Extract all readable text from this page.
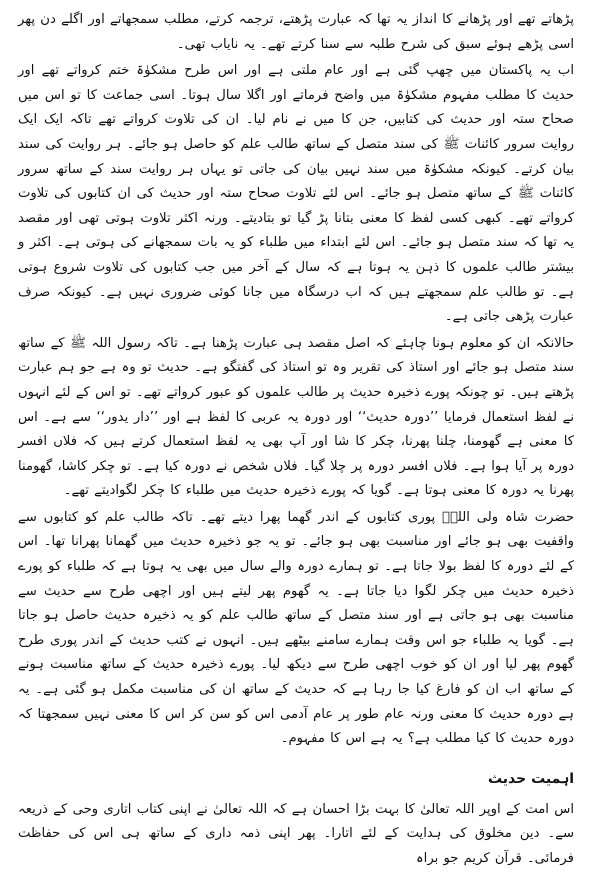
پڑھاتے تھے اور پڑھانے کا انداز یہ تھا کہ عبارت پڑھتے، ترجمہ کرتے، مطلب سمجھاتے اور اگلے دن پھر اسی پڑھے ہوئے سبق کی شرح طلبہ سے سنا کرتے تھے۔ یہ نایاب تھی۔

اب یہ پاکستان میں چھپ گئی ہے اور عام ملتی ہے اور اس طرح مشکوٰۃ ختم کرواتے تھے اور حدیث کا مطلب مفہوم مشکوٰۃ میں واضح فرماتے اور اگلا سال ہوتا۔ اسی جماعت کا تو اس میں صحاح ستہ اور حدیث کی کتابیں، جن کا میں نے نام لیا۔ ان کی تلاوت کرواتے تھے تاکہ ایک ایک روایت سرور کائنات ﷺ کی سند متصل کے ساتھ طالب علم کو حاصل ہو جائے۔ ہر روایت کی سند بیان کرتے۔ کیونکہ مشکوٰۃ میں سند نہیں بیان کی جاتی تو یہاں ہر روایت سند کے ساتھ سرور کائنات ﷺ کے ساتھ متصل ہو جائے۔ اس لئے تلاوت صحاح ستہ اور حدیث کی ان کتابوں کی تلاوت کرواتے تھے۔ کبھی کسی لفظ کا معنی بتانا پڑ گیا تو بتادیتے۔ ورنہ اکثر تلاوت ہوتی تھی اور مقصد یہ تھا کہ سند متصل ہو جائے۔ اس لئے ابتداء میں طلباء کو یہ بات سمجھانے کی ہوتی ہے۔ اکثر و بیشتر طالب علموں کا ذہن یہ ہوتا ہے کہ سال کے آخر میں جب کتابوں کی تلاوت شروع ہوتی ہے۔ تو طالب علم سمجھتے ہیں کہ اب درسگاہ میں جانا کوئی ضروری نہیں ہے۔ کیونکہ صرف عبارت پڑھی جاتی ہے۔

حالانکہ ان کو معلوم ہونا چاہئے کہ اصل مقصد ہی عبارت پڑھنا ہے۔ تاکہ رسول اللہ ﷺ کے ساتھ سند متصل ہو جائے اور استاذ کی تقریر وہ تو استاذ کی گفتگو ہے۔ حدیث تو وہ ہے جو ہم عبارت پڑھتے ہیں۔ تو چونکہ پورے ذخیرہ حدیث پر طالب علموں کو عبور کرواتے تھے۔ تو اس کے لئے انہوں نے لفظ استعمال فرمایا ’’دورہ حدیث‘‘ اور دورہ یہ عربی کا لفظ ہے اور ’’دار یدور‘‘ سے ہے۔ اس کا معنی ہے گھومنا، چلنا پھرنا، چکر کا شا اور آپ بھی یہ لفظ استعمال کرتے ہیں کہ فلاں افسر دورہ پر آیا ہوا ہے۔ فلاں افسر دورہ پر چلا گیا۔ فلاں شخص نے دورہ کیا ہے۔ تو چکر کاشا، گھومنا پھرنا یہ دورہ کا معنی ہوتا ہے۔ گویا کہ پورے ذخیرہ حدیث میں طلباء کا چکر لگوادیتے تھے۔

حضرت شاہ ولی اللہؒ پوری کتابوں کے اندر گھما پھرا دیتے تھے۔ تاکہ طالب علم کو کتابوں سے واقفیت بھی ہو جائے اور مناسبت بھی ہو جائے۔ تو یہ جو ذخیرہ حدیث میں گھمانا پھرانا تھا۔ اس کے لئے دورہ کا لفظ بولا جاتا ہے۔ تو ہمارے دورہ والے سال میں بھی یہ ہوتا ہے کہ طلباء کو پورے ذخیرہ حدیث میں چکر لگوا دیا جاتا ہے۔ یہ گھوم پھر لیتے ہیں اور اچھی طرح سے حدیث سے مناسبت بھی ہو جاتی ہے اور سند متصل کے ساتھ طالب علم کو یہ ذخیرہ حدیث حاصل ہو جاتا ہے۔ گویا یہ طلباء جو اس وقت ہمارے سامنے بیٹھے ہیں۔ انہوں نے کتب حدیث کے اندر پوری طرح گھوم پھر لیا اور ان کو خوب اچھی طرح سے دیکھ لیا۔ پورے ذخیرہ حدیث کے ساتھ مناسبت ہونے کے ساتھ اب ان کو فارغ کیا جا رہا ہے کہ حدیث کے ساتھ ان کی مناسبت مکمل ہو گئی ہے۔ یہ ہے دورہ حدیث کا معنی ورنہ عام طور پر عام آدمی اس کو سن کر اس کا معنی نہیں سمجھتا کہ دورہ حدیث کا کیا مطلب ہے؟ یہ ہے اس کا مفہوم۔

اہمیت حدیث

اس امت کے اوپر اللہ تعالیٰ کا بہت بڑا احسان ہے کہ اللہ تعالیٰ نے اپنی کتاب اتاری وحی کے ذریعہ سے۔ دین مخلوق کی ہدایت کے لئے اتارا۔ پھر اپنی ذمہ داری کے ساتھ ہی اس کی حفاظت فرمائی۔ قرآن کریم جو براہ
